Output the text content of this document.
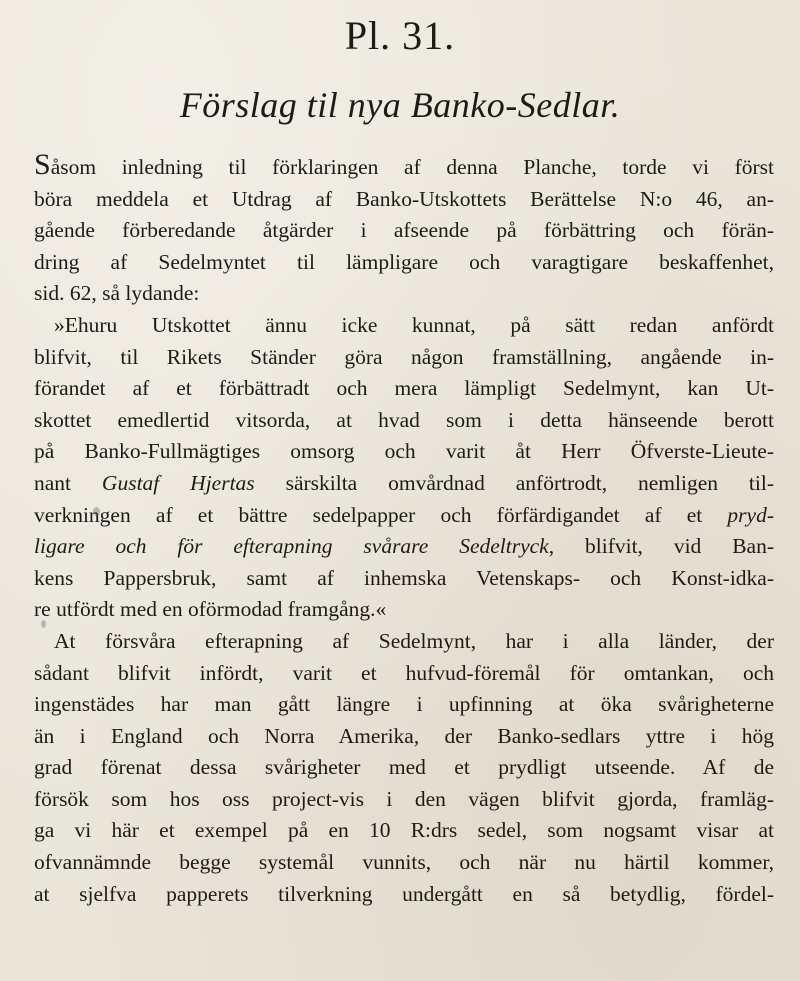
Pl. 31.
Förslag til nya Banko-Sedlar.
Såsom inledning til förklaringen af denna Planche, torde vi först
böra meddela et Utdrag af Banko-Utskottets Berättelse N:o 46, an-
gående förberedande åtgärder i afseende på förbättring och förän-
dring af Sedelmyntet til lämpligare och varagtigare beskaffenhet,
sid. 62, så lydande:
»Ehuru Utskottet ännu icke kunnat, på sätt redan anfördt
blifvit, til Rikets Ständer göra någon framställning, angående in-
förandet af et förbättradt och mera lämpligt Sedelmynt, kan Ut-
skottet emedlertid vitsorda, at hvad som i detta hänseende berott
på Banko-Fullmägtiges omsorg och varit åt Herr Öfverste-Lieute-
nant Gustaf Hjertas särskilta omvårdnad anförtrodt, nemligen til-
verkningen af et bättre sedelpapper och förfärdigandet af et pryd-
ligare och för efterapning svårare Sedeltryck, blifvit, vid Ban-
kens Pappersbruk, samt af inhemska Vetenskaps- och Konst-idka-
re utfördt med en oförmodad framgång.«
At försvåra efterapning af Sedelmynt, har i alla länder, der
sådant blifvit infördt, varit et hufvud-föremål för omtankan, och
ingenstädes har man gått längre i upfinning at öka svårigheterne
än i England och Norra Amerika, der Banko-sedlars yttre i hög
grad förenat dessa svårigheter med et prydligt utseende. Af de
försök som hos oss project-vis i den vägen blifvit gjorda, framläg-
ga vi här et exempel på en 10 R:drs sedel, som nogsamt visar at
ofvannämnde begge systemål vunnits, och när nu härtil kommer,
at sjelfva papperets tilverkning undergått en så betydlig, fördel-
